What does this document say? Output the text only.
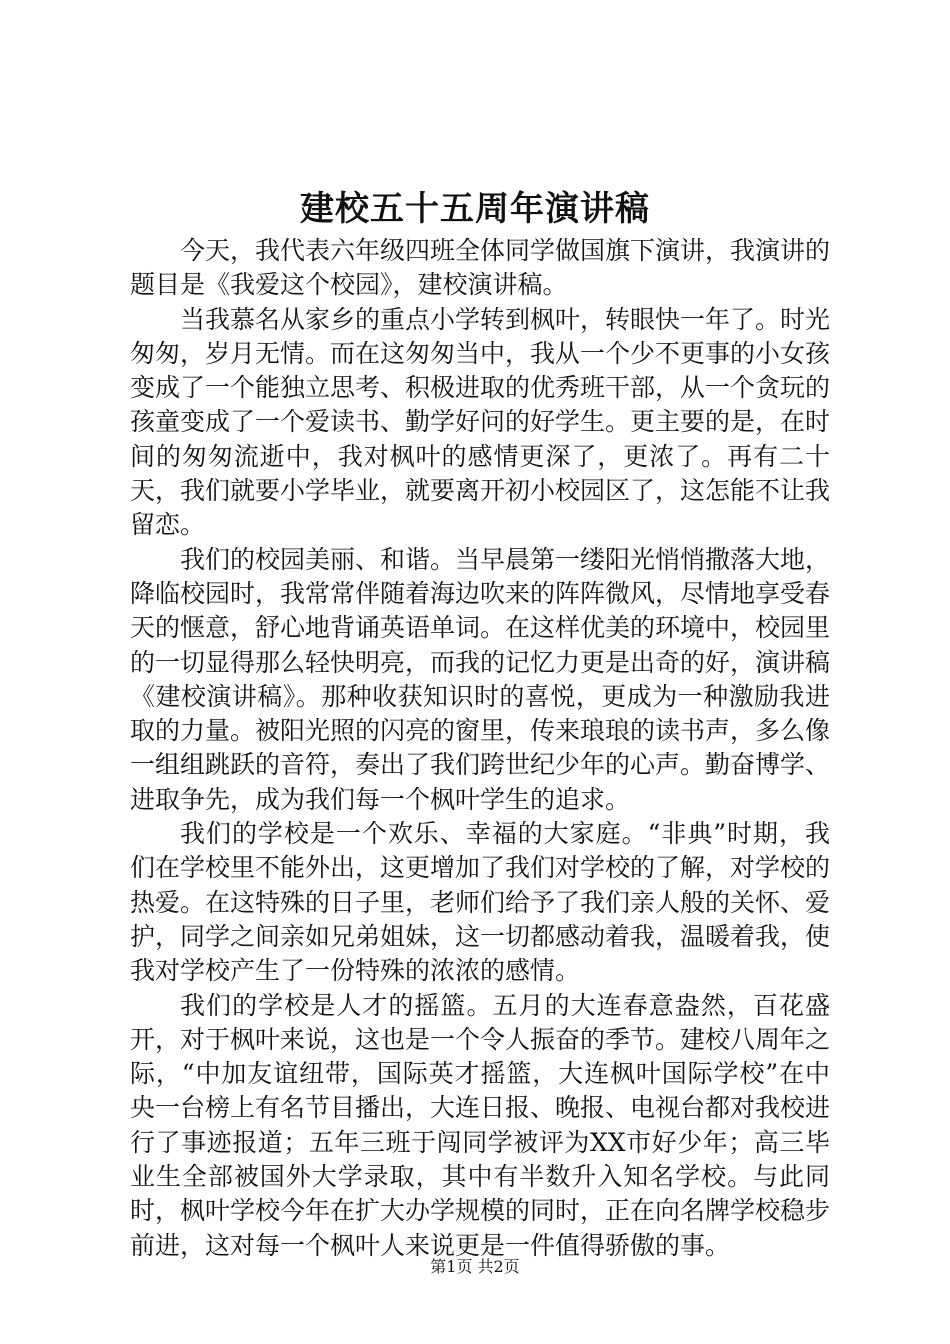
建校五十五周年演讲稿

今天，我代表六年级四班全体同学做国旗下演讲，我演讲的题目是《我爱这个校园》，建校演讲稿。

当我慕名从家乡的重点小学转到枫叶，转眼快一年了。时光匆匆，岁月无情。而在这匆匆当中，我从一个少不更事的小女孩变成了一个能独立思考、积极进取的优秀班干部，从一个贪玩的孩童变成了一个爱读书、勤学好问的好学生。更主要的是，在时间的匆匆流逝中，我对枫叶的感情更深了，更浓了。再有二十天，我们就要小学毕业，就要离开初小校园区了，这怎能不让我留恋。

我们的校园美丽、和谐。当早晨第一缕阳光悄悄撒落大地，降临校园时，我常常伴随着海边吹来的阵阵微风，尽情地享受春天的惬意，舒心地背诵英语单词。在这样优美的环境中，校园里的一切显得那么轻快明亮，而我的记忆力更是出奇的好，演讲稿《建校演讲稿》。那种收获知识时的喜悦，更成为一种激励我进取的力量。被阳光照的闪亮的窗里，传来琅琅的读书声，多么像一组组跳跃的音符，奏出了我们跨世纪少年的心声。勤奋博学、进取争先，成为我们每一个枫叶学生的追求。

我们的学校是一个欢乐、幸福的大家庭。“非典”时期，我们在学校里不能外出，这更增加了我们对学校的了解，对学校的热爱。在这特殊的日子里，老师们给予了我们亲人般的关怀、爱护，同学之间亲如兄弟姐妹，这一切都感动着我，温暖着我，使我对学校产生了一份特殊的浓浓的感情。

我们的学校是人才的摇篮。五月的大连春意盎然，百花盛开，对于枫叶来说，这也是一个令人振奋的季节。建校八周年之际，“中加友谊纽带，国际英才摇篮，大连枫叶国际学校”在中央一台榜上有名节目播出，大连日报、晚报、电视台都对我校进行了事迹报道；五年三班于闯同学被评为XX市好少年；高三毕业生全部被国外大学录取，其中有半数升入知名学校。与此同时，枫叶学校今年在扩大办学规模的同时，正在向名牌学校稳步前进，这对每一个枫叶人来说更是一件值得骄傲的事。

第1页 共2页
